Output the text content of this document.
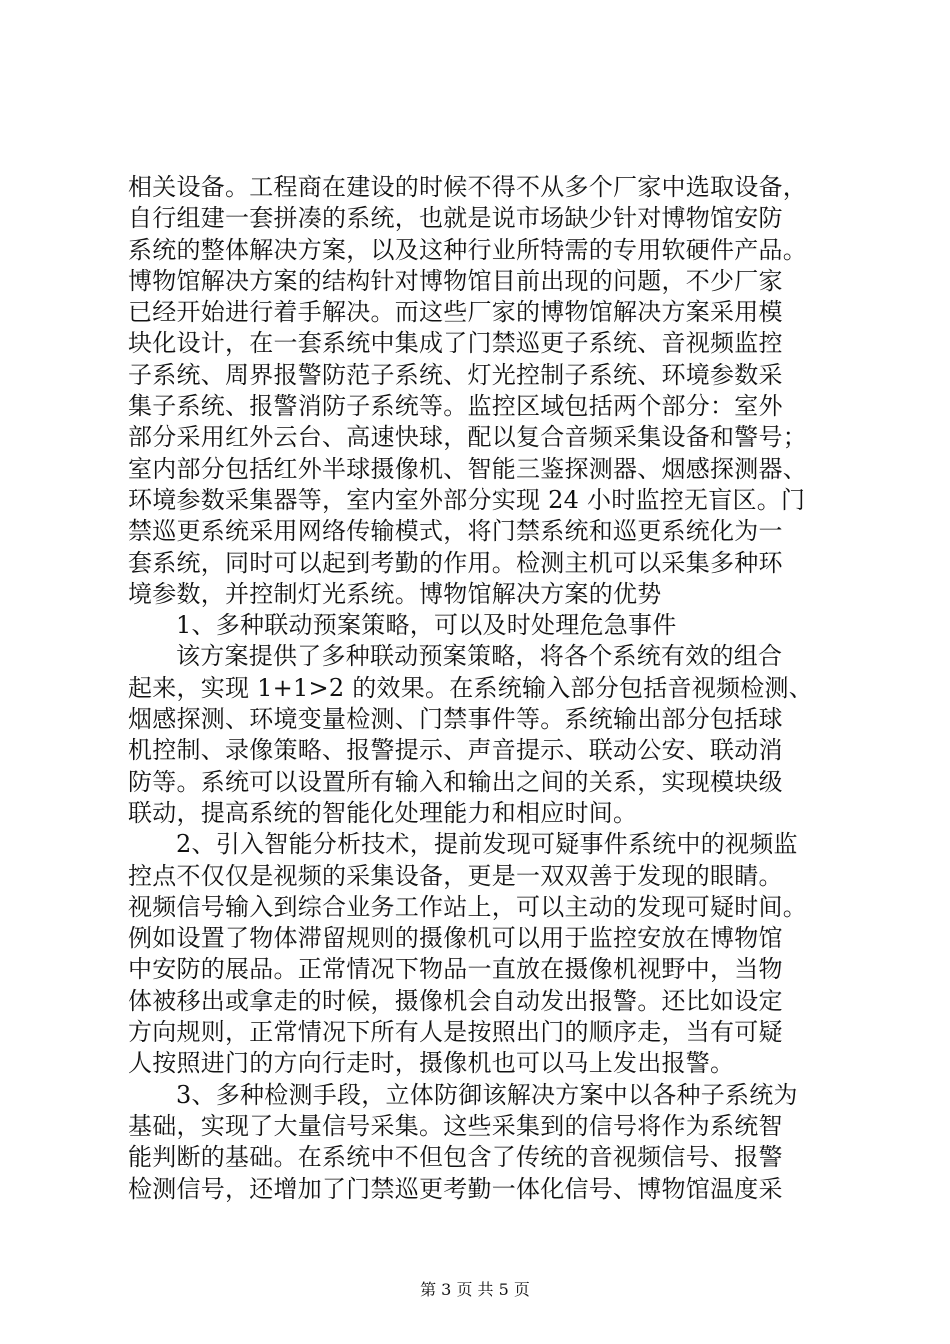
相关设备。工程商在建设的时候不得不从多个厂家中选取设备，
自行组建一套拼凑的系统，也就是说市场缺少针对博物馆安防
系统的整体解决方案，以及这种行业所特需的专用软硬件产品。
博物馆解决方案的结构针对博物馆目前出现的问题，不少厂家
已经开始进行着手解决。而这些厂家的博物馆解决方案采用模
块化设计，在一套系统中集成了门禁巡更子系统、音视频监控
子系统、周界报警防范子系统、灯光控制子系统、环境参数采
集子系统、报警消防子系统等。监控区域包括两个部分：室外
部分采用红外云台、高速快球，配以复合音频采集设备和警号；
室内部分包括红外半球摄像机、智能三鉴探测器、烟感探测器、
环境参数采集器等，室内室外部分实现 24 小时监控无盲区。门
禁巡更系统采用网络传输模式，将门禁系统和巡更系统化为一
套系统，同时可以起到考勤的作用。检测主机可以采集多种环
境参数，并控制灯光系统。博物馆解决方案的优势
1、多种联动预案策略，可以及时处理危急事件
该方案提供了多种联动预案策略，将各个系统有效的组合
起来，实现 1+1>2 的效果。在系统输入部分包括音视频检测、
烟感探测、环境变量检测、门禁事件等。系统输出部分包括球
机控制、录像策略、报警提示、声音提示、联动公安、联动消
防等。系统可以设置所有输入和输出之间的关系，实现模块级
联动，提高系统的智能化处理能力和相应时间。
2、引入智能分析技术，提前发现可疑事件系统中的视频监
控点不仅仅是视频的采集设备，更是一双双善于发现的眼睛。
视频信号输入到综合业务工作站上，可以主动的发现可疑时间。
例如设置了物体滞留规则的摄像机可以用于监控安放在博物馆
中安防的展品。正常情况下物品一直放在摄像机视野中，当物
体被移出或拿走的时候，摄像机会自动发出报警。还比如设定
方向规则，正常情况下所有人是按照出门的顺序走，当有可疑
人按照进门的方向行走时，摄像机也可以马上发出报警。
3、多种检测手段，立体防御该解决方案中以各种子系统为
基础，实现了大量信号采集。这些采集到的信号将作为系统智
能判断的基础。在系统中不但包含了传统的音视频信号、报警
检测信号，还增加了门禁巡更考勤一体化信号、博物馆温度采
第 3 页 共 5 页
